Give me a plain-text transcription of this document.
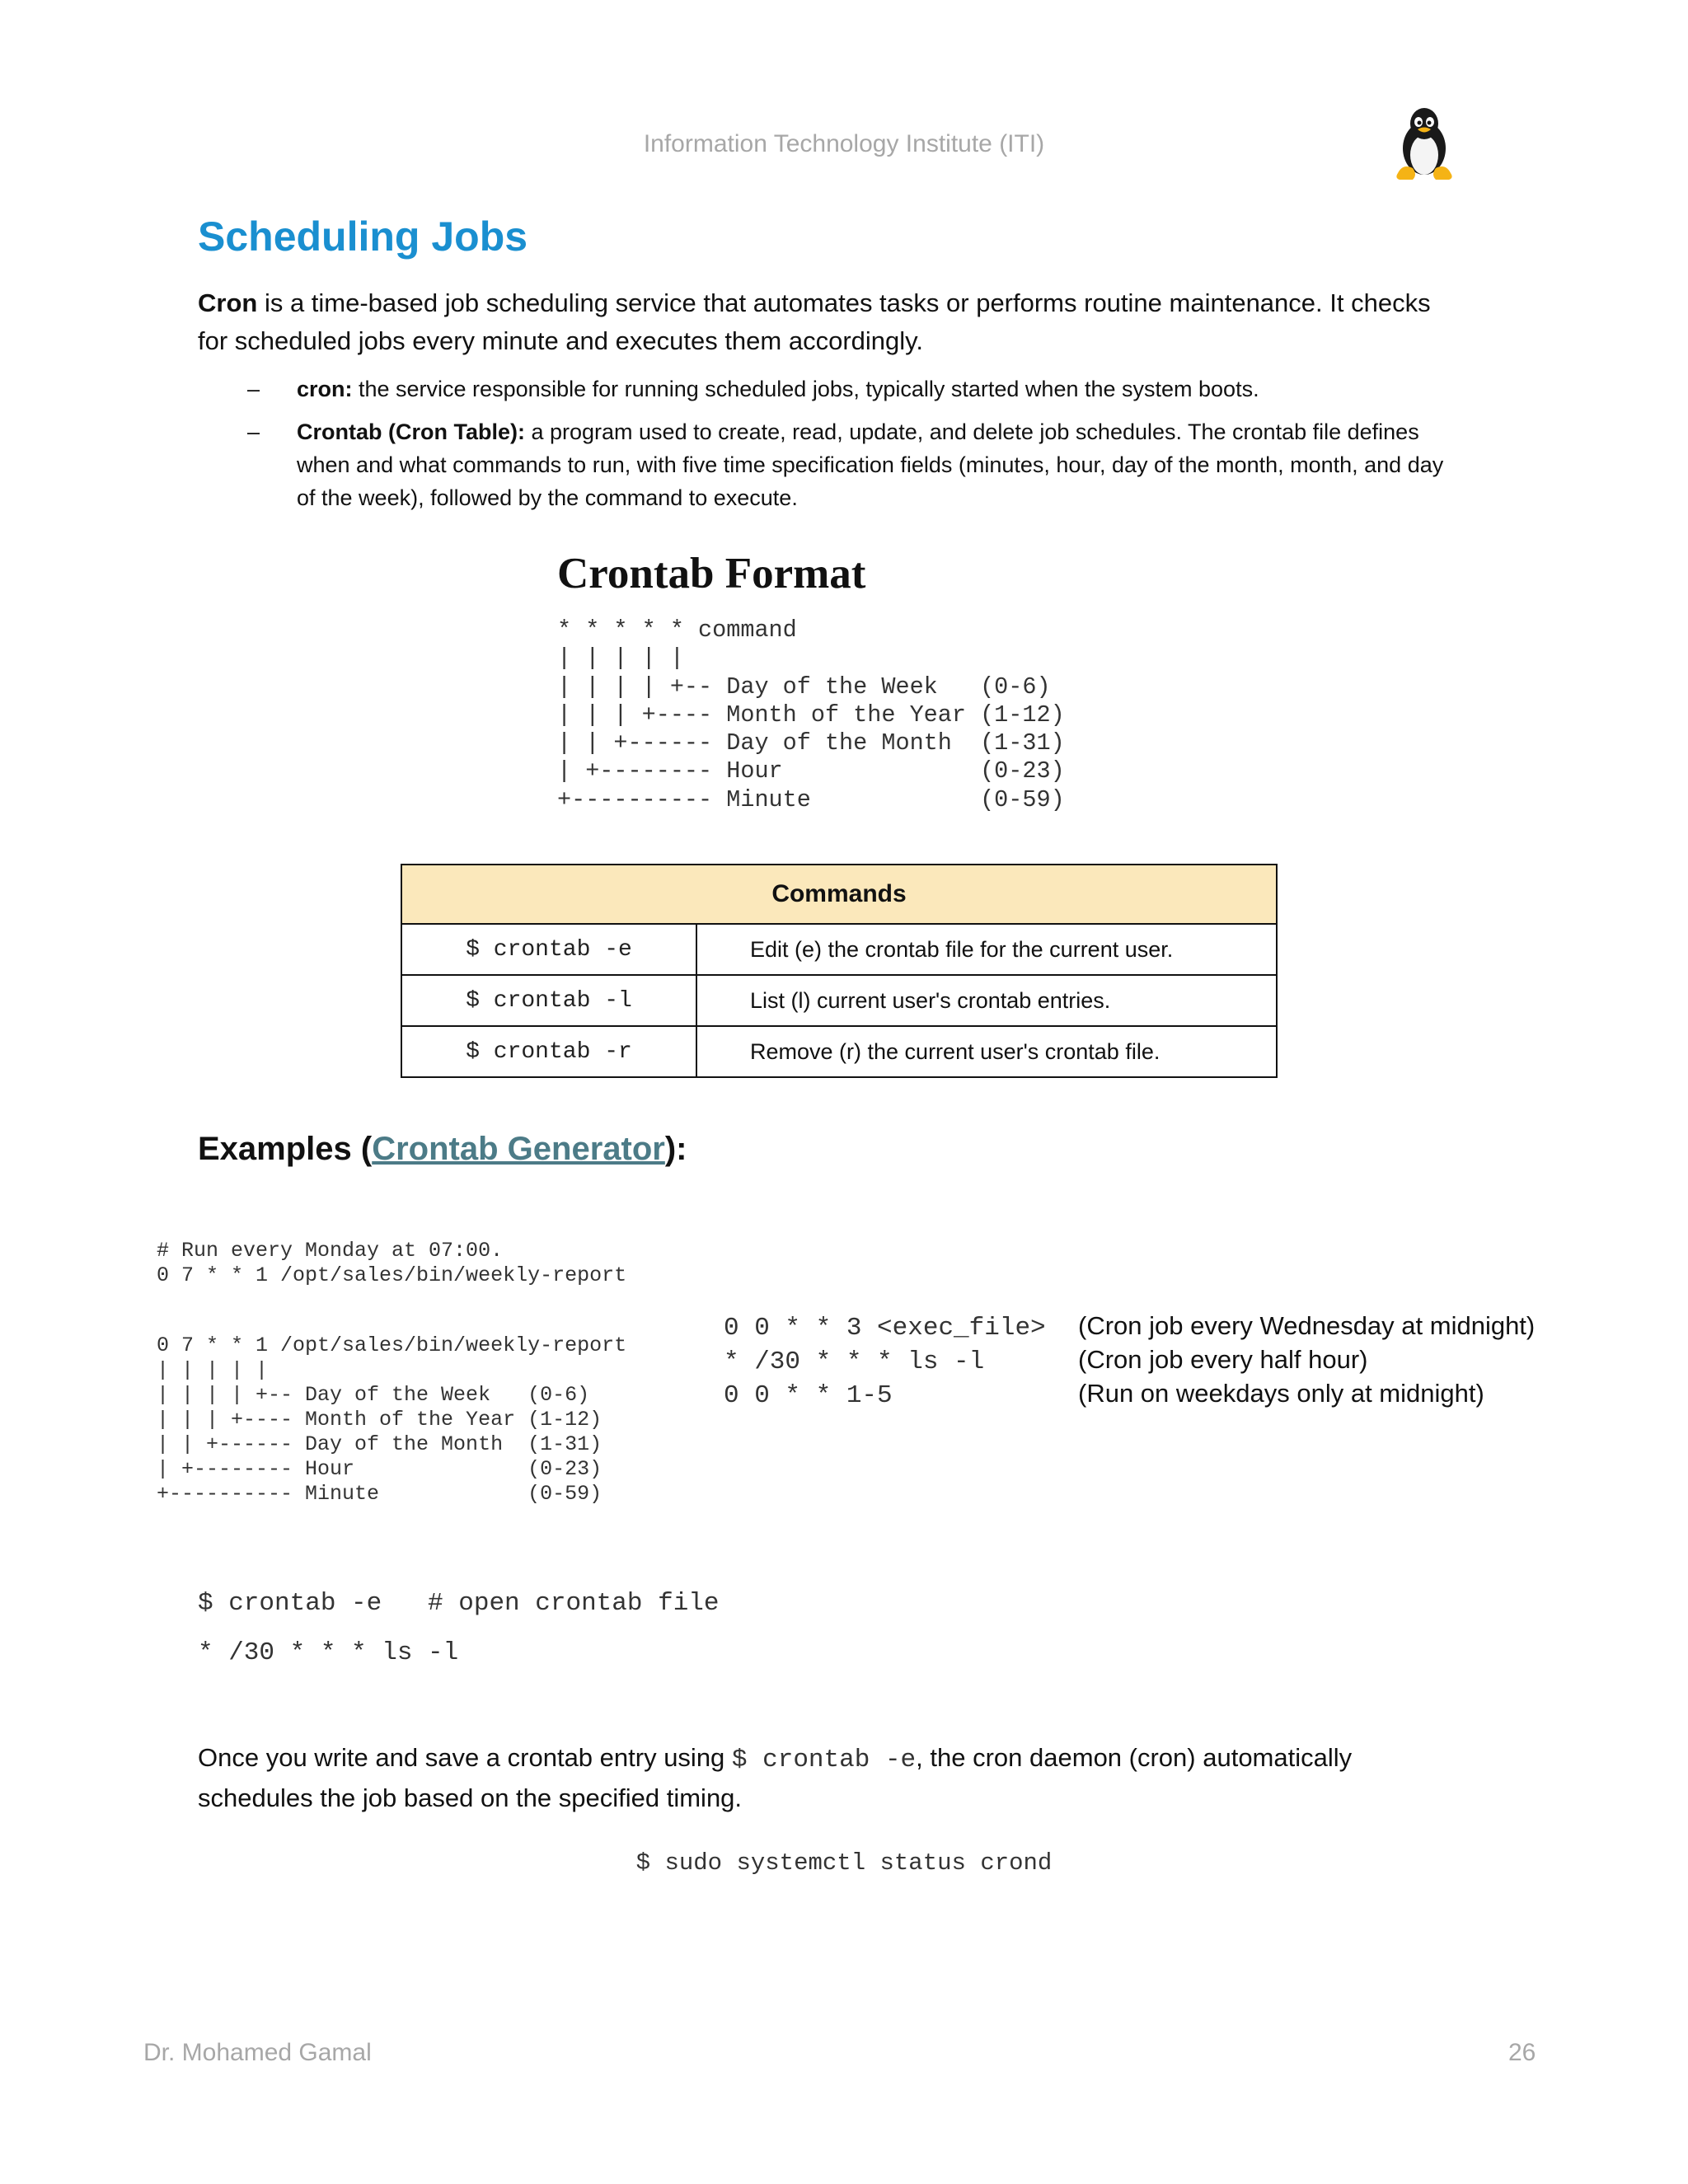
Information Technology Institute (ITI)
Scheduling Jobs
Cron is a time-based job scheduling service that automates tasks or performs routine maintenance. It checks for scheduled jobs every minute and executes them accordingly.
– cron: the service responsible for running scheduled jobs, typically started when the system boots.
– Crontab (Cron Table): a program used to create, read, update, and delete job schedules. The crontab file defines when and what commands to run, with five time specification fields (minutes, hour, day of the month, month, and day of the week), followed by the command to execute.
Crontab Format
* * * * * command
| | | | |
| | | | +-- Day of the Week   (0-6)
| | | +---- Month of the Year (1-12)
| | +------ Day of the Month  (1-31)
| +-------- Hour              (0-23)
+---------- Minute            (0-59)
Commands	
$ crontab -e	Edit (e) the crontab file for the current user.
$ crontab -l	List (l) current user's crontab entries.
$ crontab -r	Remove (r) the current user's crontab file.
Examples (Crontab Generator):
# Run every Monday at 07:00.
0 7 * * 1 /opt/sales/bin/weekly-report
0 7 * * 1 /opt/sales/bin/weekly-report
| | | | |
| | | | +-- Day of the Week   (0-6)
| | | +---- Month of the Year (1-12)
| | +------ Day of the Month  (1-31)
| +-------- Hour              (0-23)
+---------- Minute            (0-59)
0 0 * * 3 <exec_file> (Cron job every Wednesday at midnight)
* /30 * * * ls -l	(Cron job every half hour)
0 0 * * 1-5	(Run on weekdays only at midnight)
$ crontab -e   # open crontab file
* /30 * * * ls -l
Once you write and save a crontab entry using $ crontab -e, the cron daemon (cron) automatically schedules the job based on the specified timing.
$ sudo systemctl status crond
Dr. Mohamed Gamal	26
